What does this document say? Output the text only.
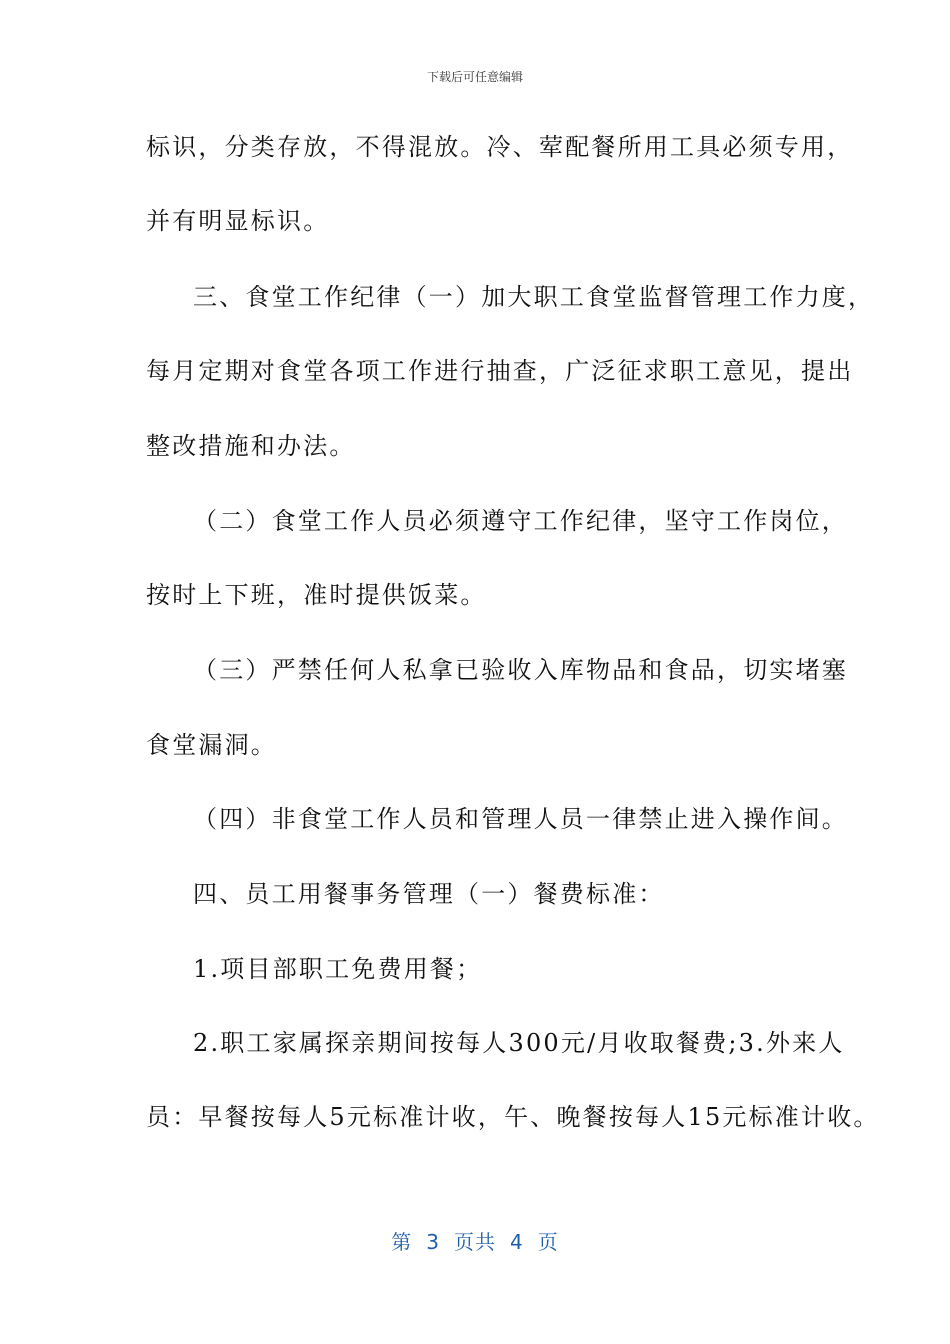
下载后可任意编辑
标识，分类存放，不得混放。冷、荤配餐所用工具必须专用，
并有明显标识。
三、食堂工作纪律（一）加大职工食堂监督管理工作力度，
每月定期对食堂各项工作进行抽查，广泛征求职工意见，提出
整改措施和办法。
（二）食堂工作人员必须遵守工作纪律，坚守工作岗位，
按时上下班，准时提供饭菜。
（三）严禁任何人私拿已验收入库物品和食品，切实堵塞
食堂漏洞。
（四）非食堂工作人员和管理人员一律禁止进入操作间。
四、员工用餐事务管理（一）餐费标准：
1.项目部职工免费用餐；
2.职工家属探亲期间按每人300元/月收取餐费;3.外来人
员：早餐按每人5元标准计收，午、晚餐按每人15元标准计收。
第 3 页共 4 页
